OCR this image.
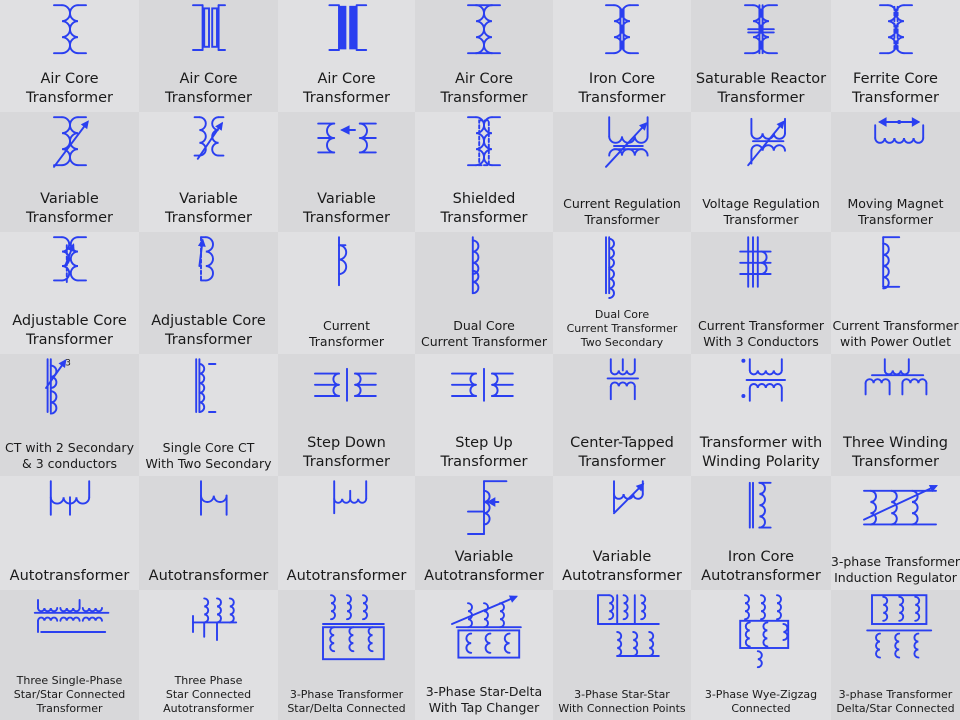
Air Core
Transformer
Air Core
Transformer
Air Core
Transformer
Air Core
Transformer
Iron Core
Transformer
Saturable Reactor
Transformer
Ferrite Core
Transformer
Variable
Transformer
Variable
Transformer
Variable
Transformer
Shielded
Transformer
Current Regulation
Transformer
Voltage Regulation
Transformer
Moving Magnet
Transformer
Adjustable Core
Transformer
Adjustable Core
Transformer
Current
Transformer
Dual Core
Current Transformer
Dual Core
Current Transformer
Two Secondary
Current Transformer
With 3 Conductors
Current Transformer
with Power Outlet
3
CT with 2 Secondary
& 3 conductors
Single Core CT
With Two Secondary
Step Down
Transformer
Step Up
Transformer
Center-Tapped
Transformer
Transformer with
Winding Polarity
Three Winding
Transformer
Autotransformer	Autotransformer	Autotransformer
Variable
Autotransformer
Variable
Autotransformer
Iron Core
Autotransformer
3-phase Transformer
Induction Regulator
Three Single-Phase
Star/Star Connected
Transformer
Three Phase
Star Connected
Autotransformer
3-Phase Transformer
Star/Delta Connected
3-Phase Star-Delta
With Tap Changer
3-Phase Star-Star
With Connection Points
3-Phase Wye-Zigzag
Connected
3-phase Transformer
Delta/Star Connected
